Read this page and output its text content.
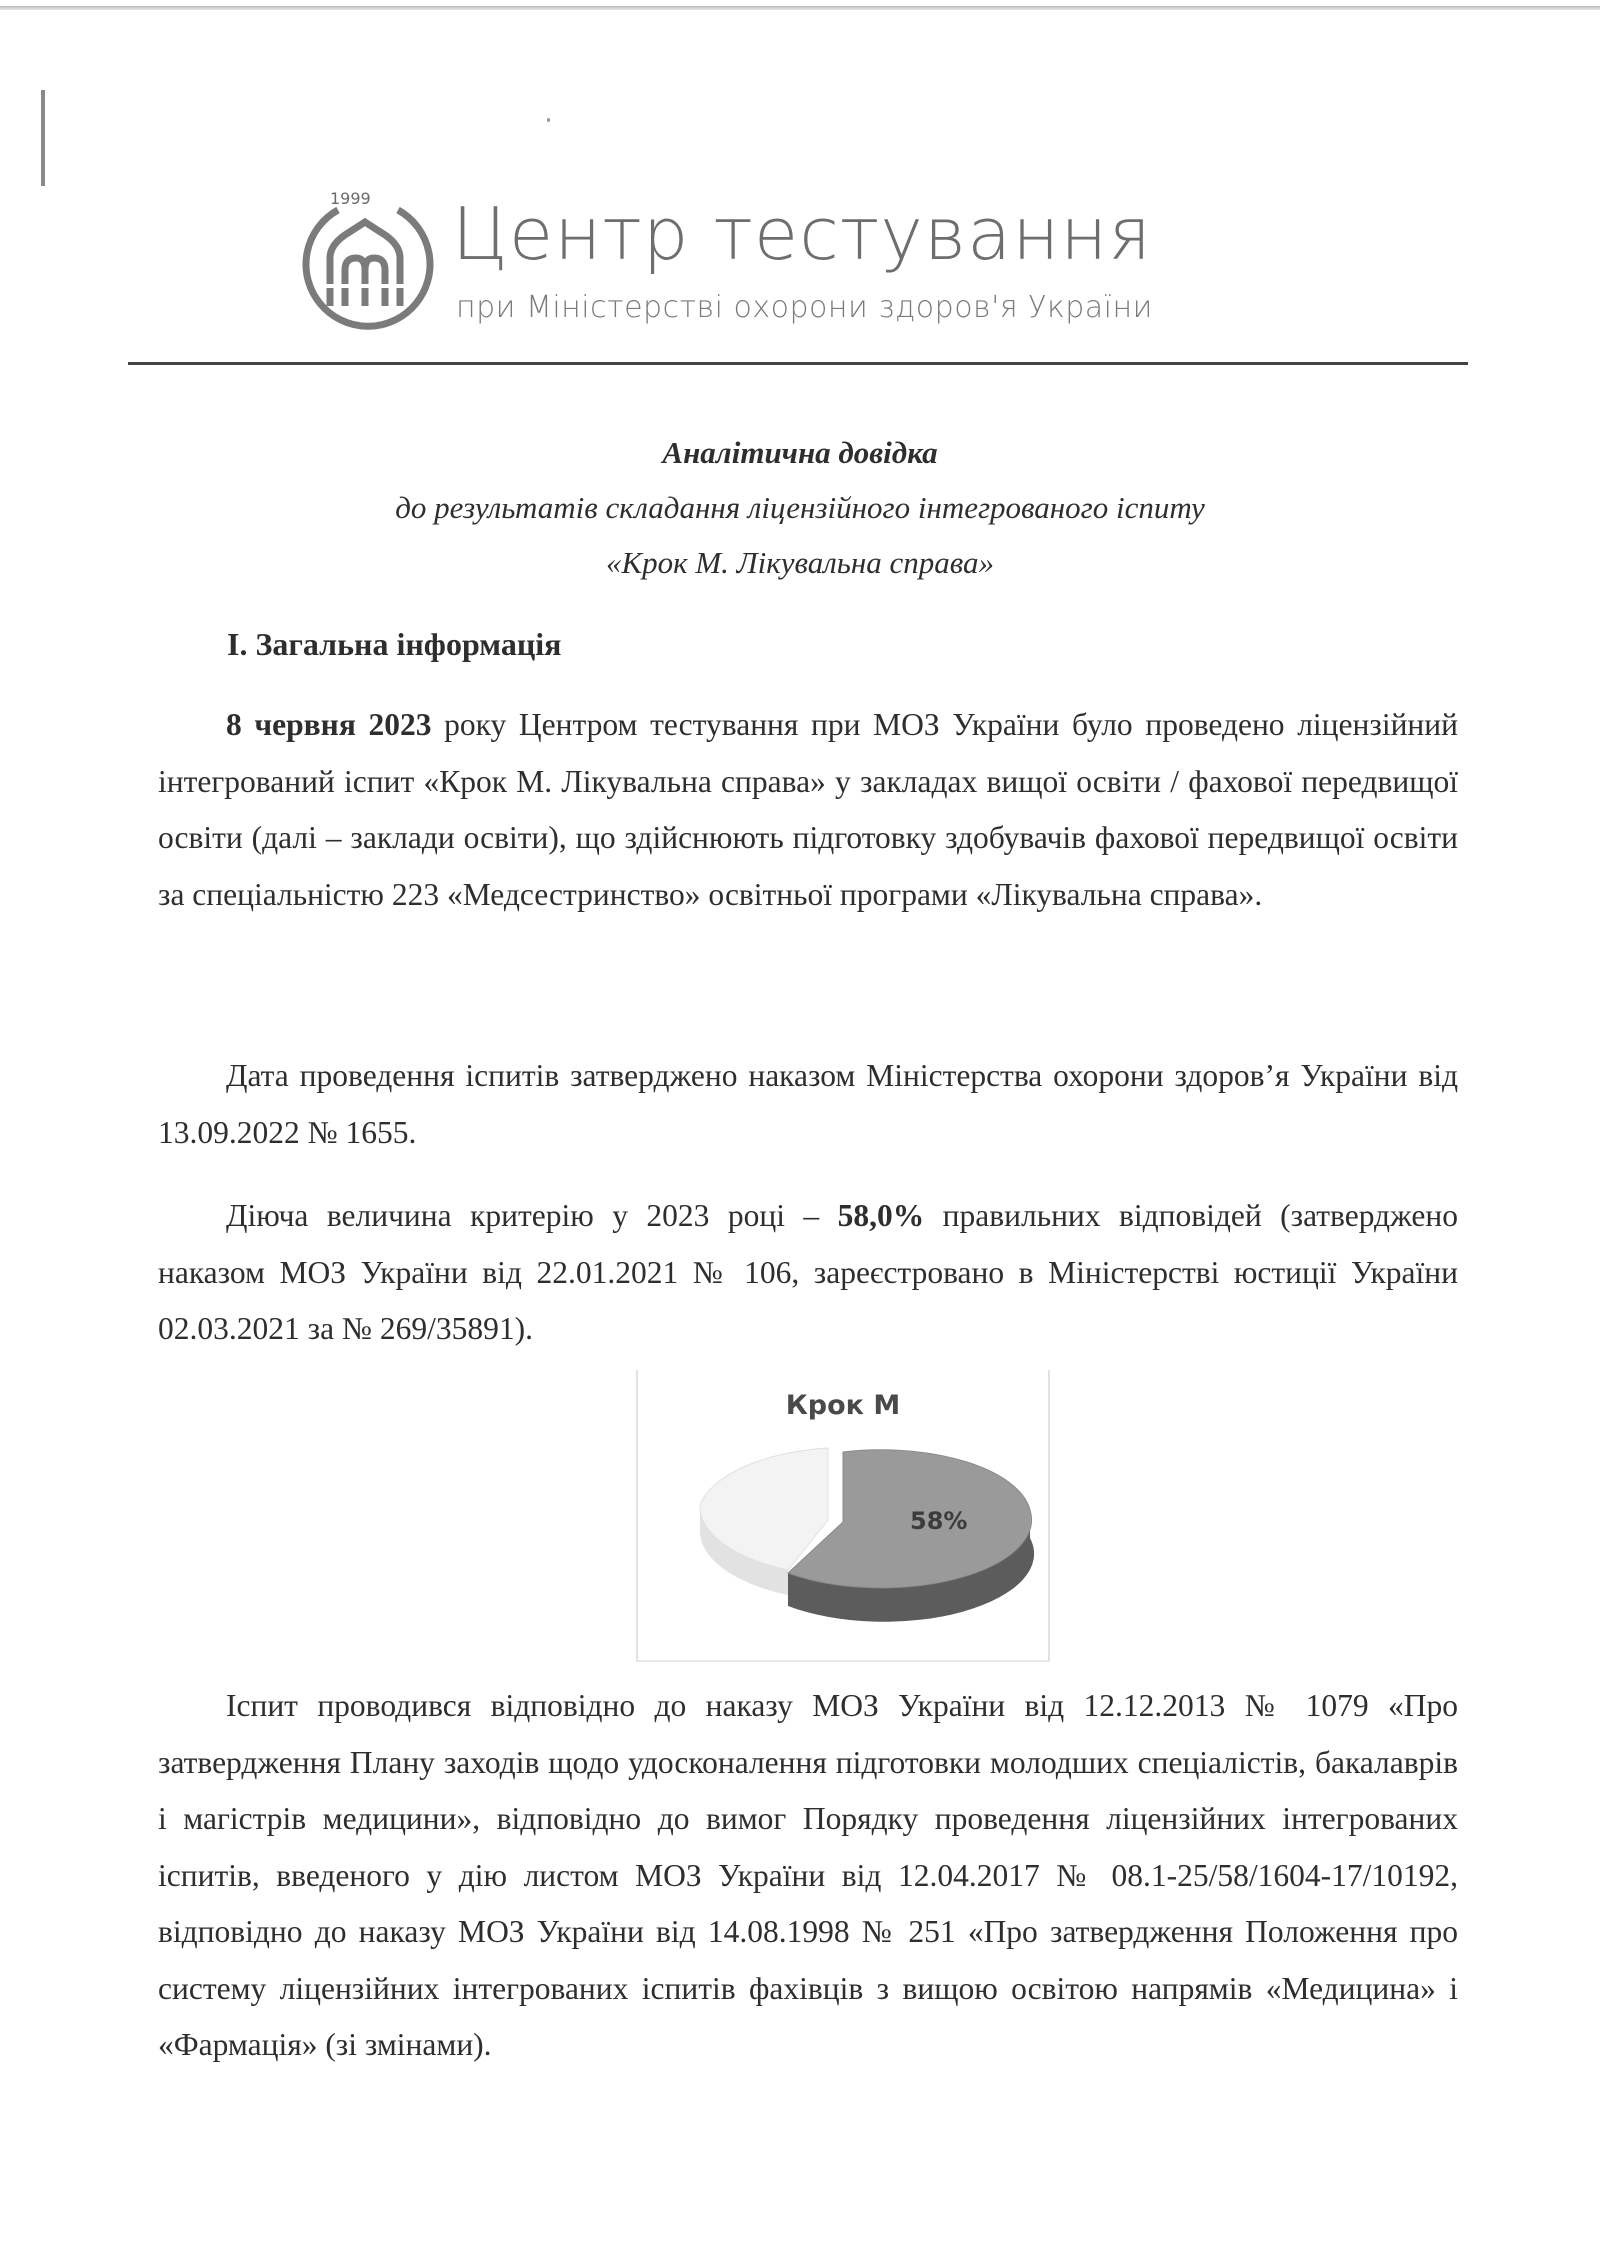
1999 Центр тестування
при Міністерстві охорони здоров'я України
Аналітична довідка
до результатів складання ліцензійного інтегрованого іспиту
«Крок М. Лікувальна справа»
І. Загальна інформація
8 червня 2023 року Центром тестування при МОЗ України було проведено ліцензійний інтегрований іспит «Крок М. Лікувальна справа» у закладах вищої освіти / фахової передвищої освіти (далі – заклади освіти), що здійснюють підготовку здобувачів фахової передвищої освіти за спеціальністю 223 «Медсестринство» освітньої програми «Лікувальна справа».
Дата проведення іспитів затверджено наказом Міністерства охорони здоров’я України від 13.09.2022 № 1655.
Діюча величина критерію у 2023 році – 58,0% правильних відповідей (затверджено наказом МОЗ України від 22.01.2021 № 106, зареєстровано в Міністерстві юстиції України 02.03.2021 за № 269/35891).
Крок М
58%
Іспит проводився відповідно до наказу МОЗ України від 12.12.2013 № 1079 «Про затвердження Плану заходів щодо удосконалення підготовки молодших спеціалістів, бакалаврів і магістрів медицини», відповідно до вимог Порядку проведення ліцензійних інтегрованих іспитів, введеного у дію листом МОЗ України від 12.04.2017 № 08.1-25/58/1604-17/10192, відповідно до наказу МОЗ України від 14.08.1998 № 251 «Про затвердження Положення про систему ліцензійних інтегрованих іспитів фахівців з вищою освітою напрямів «Медицина» і «Фармація» (зі змінами).
